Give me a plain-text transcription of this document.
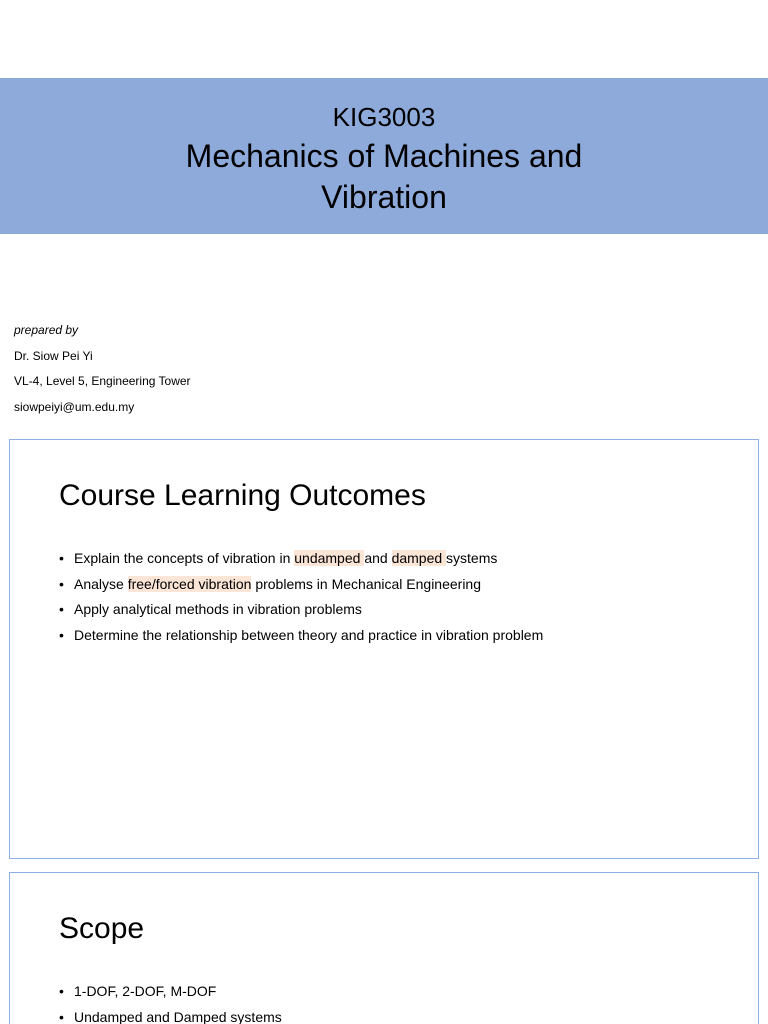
KIG3003
Mechanics of Machines and Vibration
prepared by
Dr. Siow Pei Yi
VL-4, Level 5, Engineering Tower
siowpeiyi@um.edu.my
Course Learning Outcomes
• Explain the concepts of vibration in undamped and damped systems
• Analyse free/forced vibration problems in Mechanical Engineering
• Apply analytical methods in vibration problems
• Determine the relationship between theory and practice in vibration problem
Scope
• 1-DOF, 2-DOF, M-DOF
• Undamped and Damped systems
